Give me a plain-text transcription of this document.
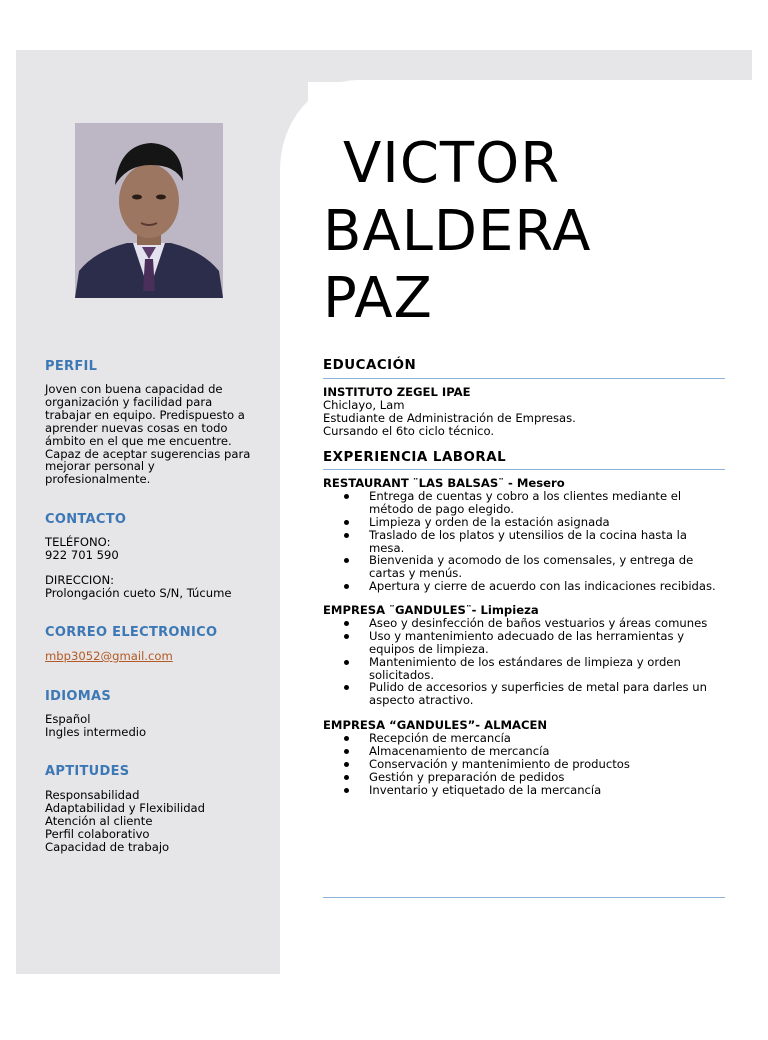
PERFIL
Joven con buena capacidad de
organización y facilidad para
trabajar en equipo. Predispuesto a
aprender nuevas cosas en todo
ámbito en el que me encuentre.
Capaz de aceptar sugerencias para
mejorar personal y
profesionalmente.
CONTACTO
TELÉFONO:
922 701 590
DIRECCION:
Prolongación cueto S/N, Túcume
CORREO ELECTRONICO
mbp3052@gmail.com
IDIOMAS
Español
Ingles intermedio
APTITUDES
Responsabilidad
Adaptabilidad y Flexibilidad
Atención al cliente
Perfil colaborativo
Capacidad de trabajo
VICTOR
BALDERA
PAZ
EDUCACIÓN
INSTITUTO ZEGEL IPAE
Chiclayo, Lam
Estudiante de Administración de Empresas.
Cursando el 6to ciclo técnico.
EXPERIENCIA LABORAL
RESTAURANT ¨LAS BALSAS¨ - Mesero
Entrega de cuentas y cobro a los clientes mediante el
método de pago elegido.
Limpieza y orden de la estación asignada
Traslado de los platos y utensilios de la cocina hasta la
mesa.
Bienvenida y acomodo de los comensales, y entrega de
cartas y menús.
Apertura y cierre de acuerdo con las indicaciones recibidas.
EMPRESA ¨GANDULES¨- Limpieza
Aseo y desinfección de baños vestuarios y áreas comunes
Uso y mantenimiento adecuado de las herramientas y
equipos de limpieza.
Mantenimiento de los estándares de limpieza y orden
solicitados.
Pulido de accesorios y superficies de metal para darles un
aspecto atractivo.
EMPRESA “GANDULES”- ALMACEN
Recepción de mercancía
Almacenamiento de mercancía
Conservación y mantenimiento de productos
Gestión y preparación de pedidos
Inventario y etiquetado de la mercancía
